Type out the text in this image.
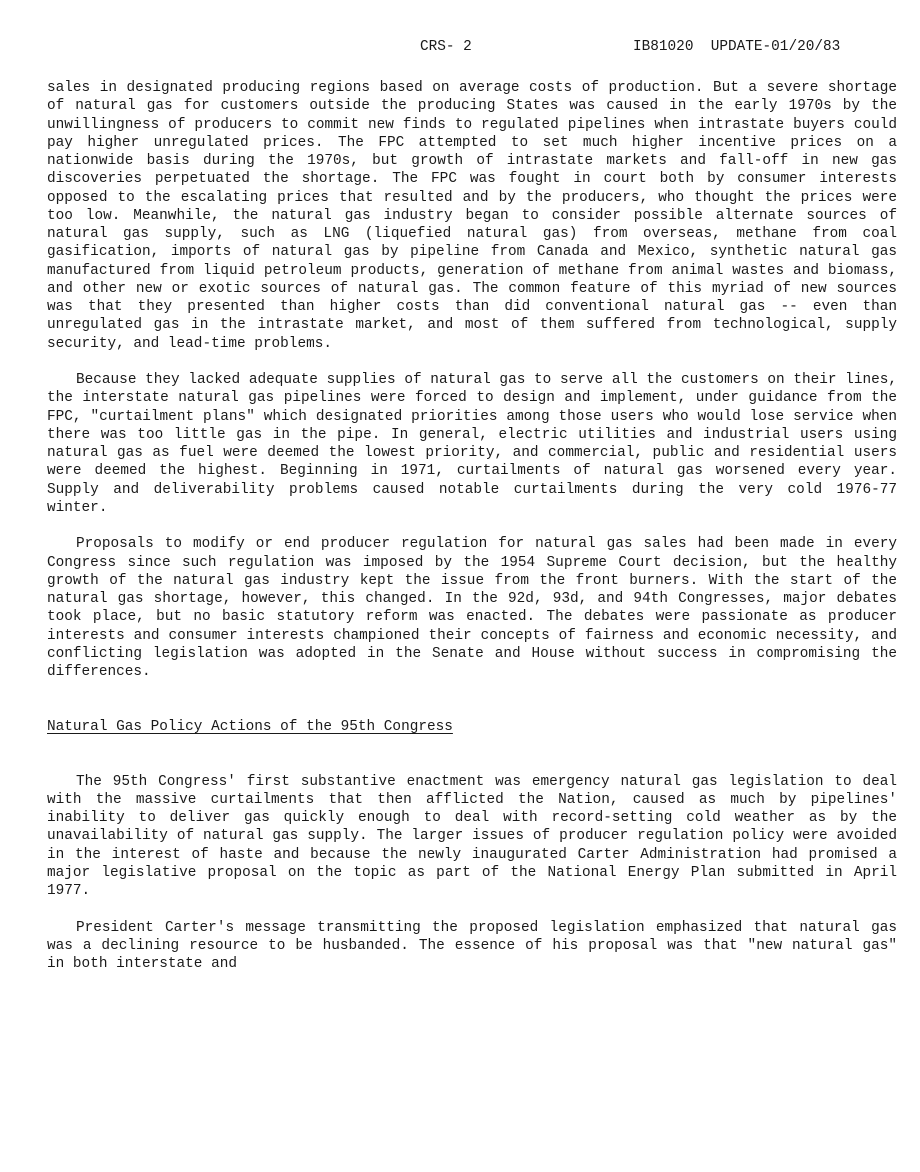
CRS- 2

	IB81020  UPDATE-01/20/83

sales in designated producing regions based on average costs of production. But a severe shortage of natural gas for customers outside the producing States was caused in the early 1970s by the unwillingness of producers to commit new finds to regulated pipelines when intrastate buyers could pay higher unregulated prices. The FPC attempted to set much higher incentive prices on a nationwide basis during the 1970s, but growth of intrastate markets and fall-off in new gas discoveries perpetuated the shortage. The FPC was fought in court both by consumer interests opposed to the escalating prices that resulted and by the producers, who thought the prices were too low. Meanwhile, the natural gas industry began to consider possible alternate sources of natural gas supply, such as LNG (liquefied natural gas) from overseas, methane from coal gasification, imports of natural gas by pipeline from Canada and Mexico, synthetic natural gas manufactured from liquid petroleum products, generation of methane from animal wastes and biomass, and other new or exotic sources of natural gas. The common feature of this myriad of new sources was that they presented than higher costs than did conventional natural gas -- even than unregulated gas in the intrastate market, and most of them suffered from technological, supply security, and lead-time problems.

Because they lacked adequate supplies of natural gas to serve all the customers on their lines, the interstate natural gas pipelines were forced to design and implement, under guidance from the FPC, "curtailment plans" which designated priorities among those users who would lose service when there was too little gas in the pipe. In general, electric utilities and industrial users using natural gas as fuel were deemed the lowest priority, and commercial, public and residential users were deemed the highest. Beginning in 1971, curtailments of natural gas worsened every year. Supply and deliverability problems caused notable curtailments during the very cold 1976-77 winter.

Proposals to modify or end producer regulation for natural gas sales had been made in every Congress since such regulation was imposed by the 1954 Supreme Court decision, but the healthy growth of the natural gas industry kept the issue from the front burners. With the start of the natural gas shortage, however, this changed. In the 92d, 93d, and 94th Congresses, major debates took place, but no basic statutory reform was enacted. The debates were passionate as producer interests and consumer interests championed their concepts of fairness and economic necessity, and conflicting legislation was adopted in the Senate and House without success in compromising the differences.

Natural Gas Policy Actions of the 95th Congress

The 95th Congress' first substantive enactment was emergency natural gas legislation to deal with the massive curtailments that then afflicted the Nation, caused as much by pipelines' inability to deliver gas quickly enough to deal with record-setting cold weather as by the unavailability of natural gas supply. The larger issues of producer regulation policy were avoided in the interest of haste and because the newly inaugurated Carter Administration had promised a major legislative proposal on the topic as part of the National Energy Plan submitted in April 1977.

President Carter's message transmitting the proposed legislation emphasized that natural gas was a declining resource to be husbanded. The essence of his proposal was that "new natural gas" in both interstate and
